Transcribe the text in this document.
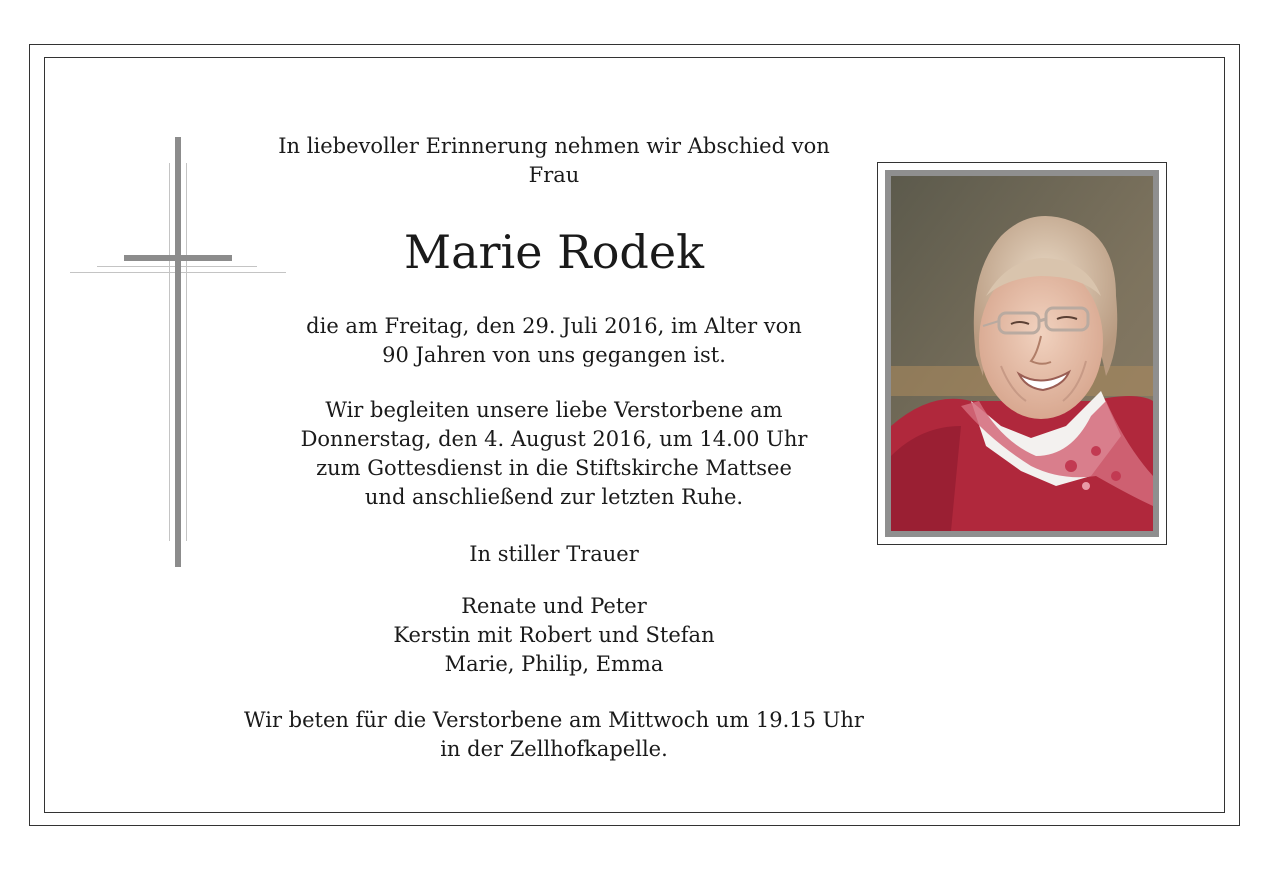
In liebevoller Erinnerung nehmen wir Abschied von
Frau
Marie Rodek
die am Freitag, den 29. Juli 2016, im Alter von
90 Jahren von uns gegangen ist.
Wir begleiten unsere liebe Verstorbene am
Donnerstag, den 4. August 2016, um 14.00 Uhr
zum Gottesdienst in die Stiftskirche Mattsee
und anschließend zur letzten Ruhe.
In stiller Trauer
Renate und Peter
Kerstin mit Robert und Stefan
Marie, Philip, Emma
Wir beten für die Verstorbene am Mittwoch um 19.15 Uhr
in der Zellhofkapelle.
